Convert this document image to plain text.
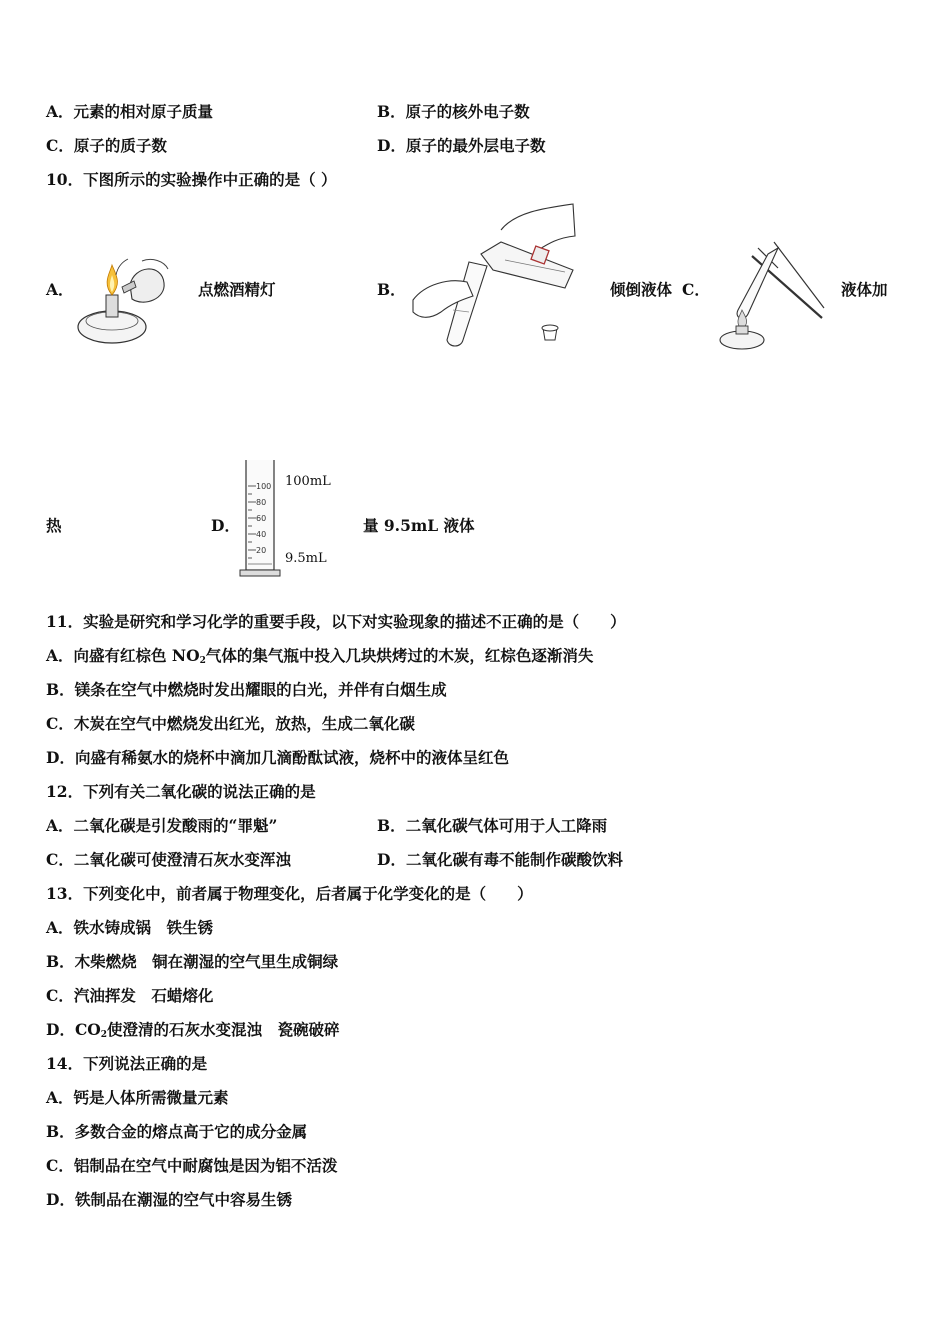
A．元素的相对原子质量	B．原子的核外电子数
C．原子的质子数	D．原子的最外层电子数
10．下图所示的实验操作中正确的是（ ）
A．	点燃酒精灯	B．	倾倒液体 C．	液体加
热	D．
100
80
60
40
20
100mL
9.5mL
量 9.5mL 液体
11．实验是研究和学习化学的重要手段，以下对实验现象的描述不正确的是（　　）
A．向盛有红棕色 $NO_2$气体的集气瓶中投入几块烘烤过的木炭，红棕色逐渐消失
B．镁条在空气中燃烧时发出耀眼的白光，并伴有白烟生成
C．木炭在空气中燃烧发出红光，放热，生成二氧化碳
D．向盛有稀氨水的烧杯中滴加几滴酚酞试液，烧杯中的液体呈红色
12．下列有关二氧化碳的说法正确的是
A．二氧化碳是引发酸雨的“罪魁”	B．二氧化碳气体可用于人工降雨
C．二氧化碳可使澄清石灰水变浑浊	D．二氧化碳有毒不能制作碳酸饮料
13．下列变化中，前者属于物理变化，后者属于化学变化的是（　　）
A．铁水铸成锅　铁生锈
B．木柴燃烧　铜在潮湿的空气里生成铜绿
C．汽油挥发　石蜡熔化
D．$CO_2$使澄清的石灰水变混浊　瓷碗破碎
14．下列说法正确的是
A．钙是人体所需微量元素
B．多数合金的熔点高于它的成分金属
C．铝制品在空气中耐腐蚀是因为铝不活泼
D．铁制品在潮湿的空气中容易生锈
